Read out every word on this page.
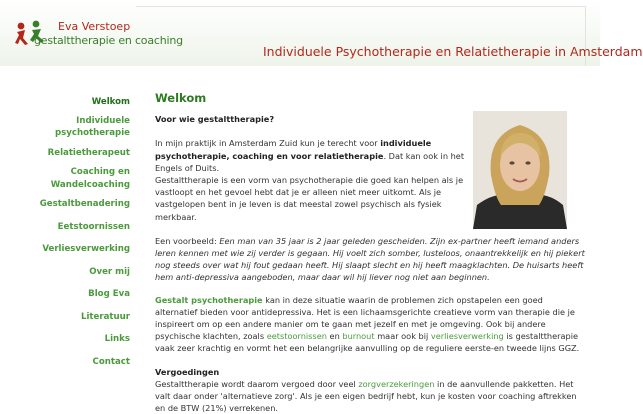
Eva Verstoep
gestalttherapie en coaching
Individuele Psychotherapie en Relatietherapie in Amsterdam
Welkom
Individuele
psychotherapie
Relatietherapeut
Coaching en
Wandelcoaching
Gestaltbenadering
Eetstoornissen
Verliesverwerking
Over mij
Blog Eva
Literatuur
Links
Contact
Welkom

Voor wie gestalttherapie?

In mijn praktijk in Amsterdam Zuid kun je terecht voor individuele psychotherapie, coaching en voor relatietherapie. Dat kan ook in het Engels of Duits.
Gestalttherapie is een vorm van psychotherapie die goed kan helpen als je vastloopt en het gevoel hebt dat je er alleen niet meer uitkomt. Als je vastgelopen bent in je leven is dat meestal zowel psychisch als fysiek merkbaar.

Een voorbeeld: Een man van 35 jaar is 2 jaar geleden gescheiden. Zijn ex-partner heeft iemand anders leren kennen met wie zij verder is gegaan. Hij voelt zich somber, lusteloos, onaantrekkelijk en hij piekert nog steeds over wat hij fout gedaan heeft. Hij slaapt slecht en hij heeft maagklachten. De huisarts heeft hem anti-depressiva aangeboden, maar daar wil hij liever nog niet aan beginnen.

Gestalt psychotherapie kan in deze situatie waarin de problemen zich opstapelen een goed alternatief bieden voor antidepressiva. Het is een lichaamsgerichte creatieve vorm van therapie die je inspireert om op een andere manier om te gaan met jezelf en met je omgeving. Ook bij andere psychische klachten, zoals eetstoornissen en burnout maar ook bij verliesverwerking is gestalttherapie vaak zeer krachtig en vormt het een belangrijke aanvulling op de reguliere eerste-en tweede lijns GGZ.

Vergoedingen

Gestalttherapie wordt daarom vergoed door veel zorgverzekeringen in de aanvullende pakketten. Het valt daar onder 'alternatieve zorg'. Als je een eigen bedrijf hebt, kun je kosten voor coaching aftrekken en de BTW (21%) verrekenen.
